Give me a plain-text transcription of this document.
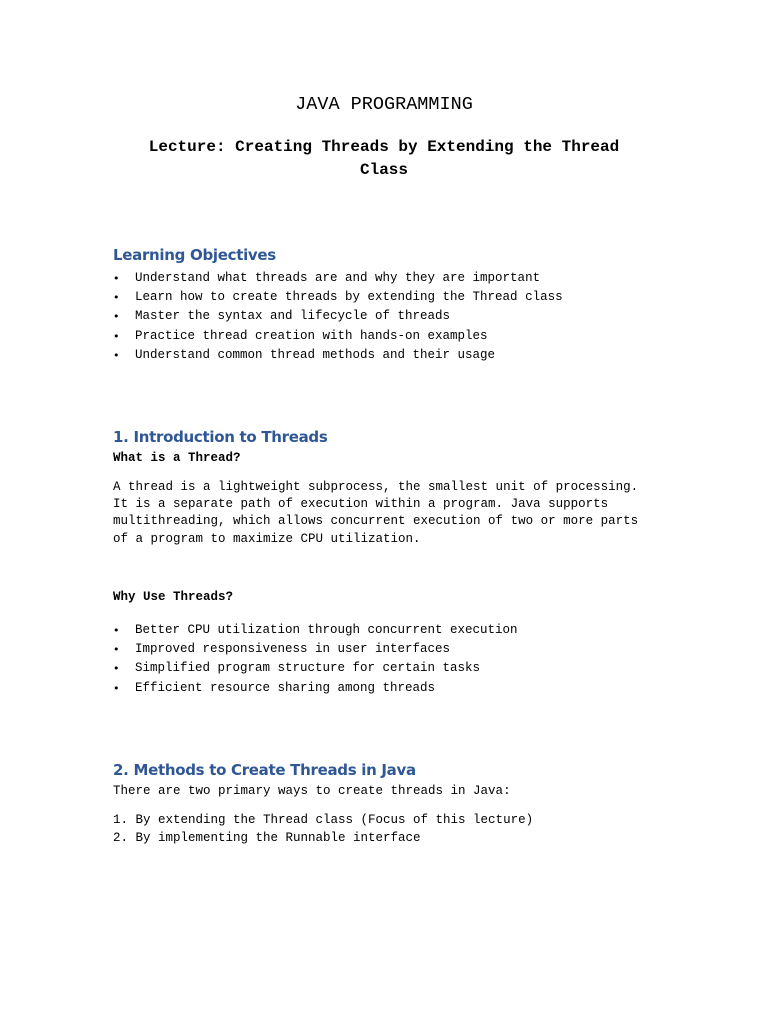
JAVA PROGRAMMING
Lecture: Creating Threads by Extending the Thread Class
Learning Objectives
• Understand what threads are and why they are important
• Learn how to create threads by extending the Thread class
• Master the syntax and lifecycle of threads
• Practice thread creation with hands-on examples
• Understand common thread methods and their usage
1. Introduction to Threads
What is a Thread?

A thread is a lightweight subprocess, the smallest unit of processing.
It is a separate path of execution within a program. Java supports
multithreading, which allows concurrent execution of two or more parts
of a program to maximize CPU utilization.

Why Use Threads?
• Better CPU utilization through concurrent execution
• Improved responsiveness in user interfaces
• Simplified program structure for certain tasks
• Efficient resource sharing among threads
2. Methods to Create Threads in Java

There are two primary ways to create threads in Java:

1. By extending the Thread class (Focus of this lecture)
2. By implementing the Runnable interface
